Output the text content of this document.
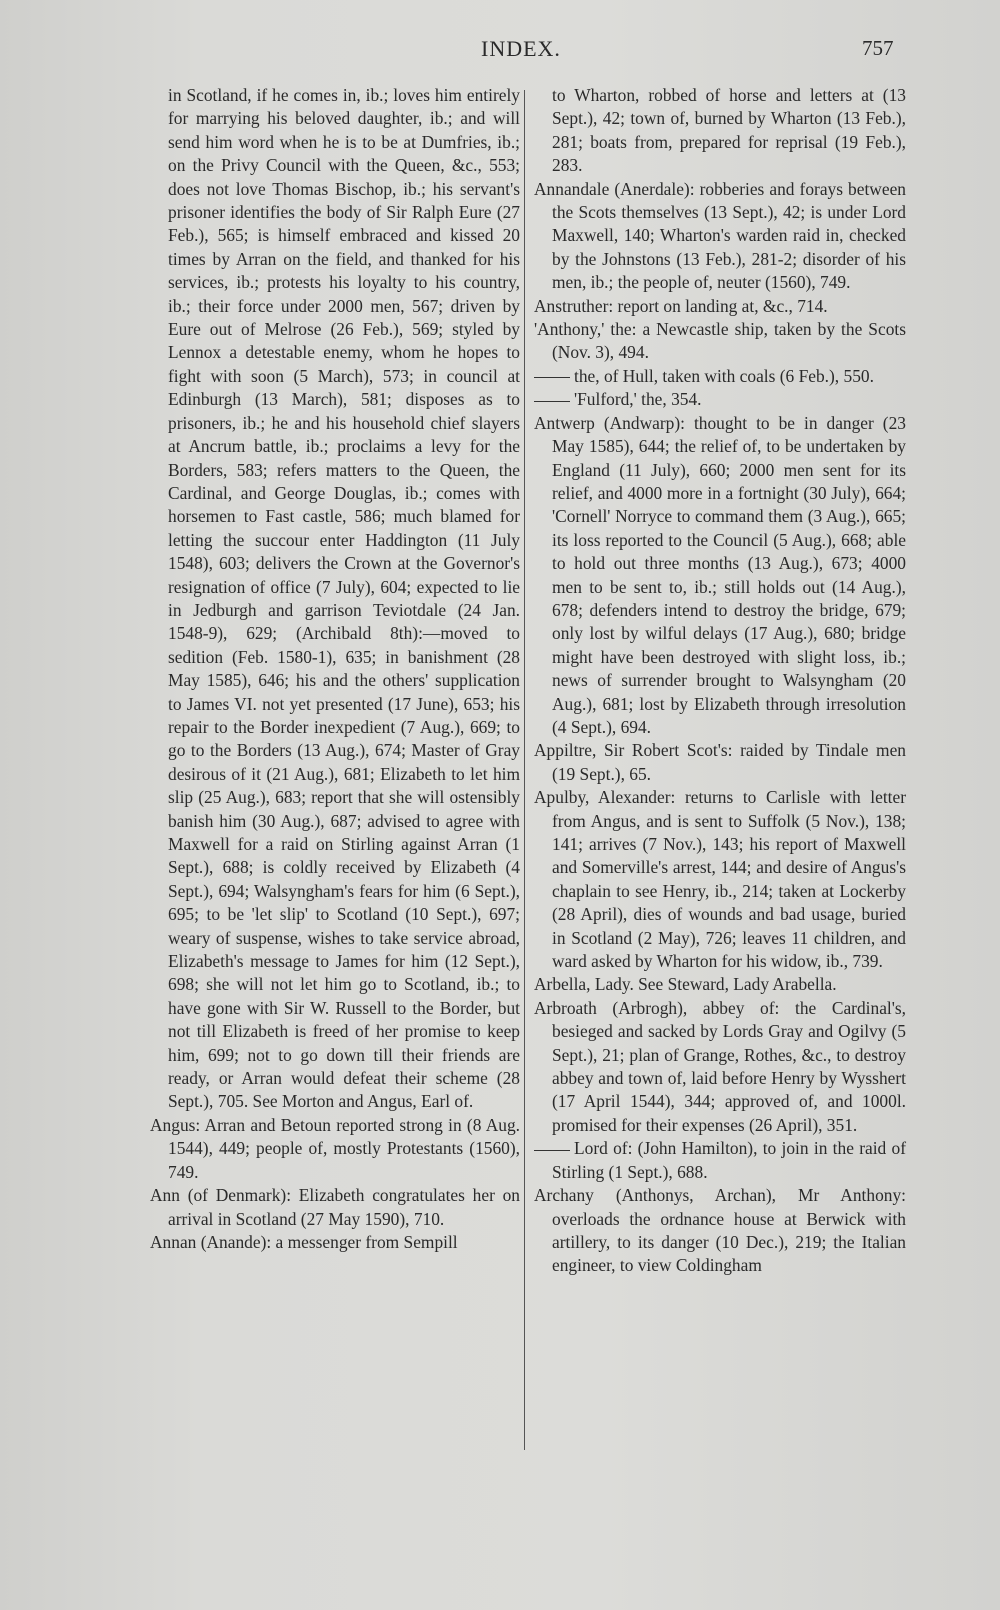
INDEX.	757

in Scotland, if he comes in, ib.; loves him entirely for marrying his beloved daughter, ib.; and will send him word when he is to be at Dumfries, ib.; on the Privy Council with the Queen, &c., 553; does not love Thomas Bischop, ib.; his servant's prisoner identifies the body of Sir Ralph Eure (27 Feb.), 565; is himself embraced and kissed 20 times by Arran on the field, and thanked for his services, ib.; protests his loyalty to his country, ib.; their force under 2000 men, 567; driven by Eure out of Melrose (26 Feb.), 569; styled by Lennox a detestable enemy, whom he hopes to fight with soon (5 March), 573; in council at Edinburgh (13 March), 581; disposes as to prisoners, ib.; he and his household chief slayers at Ancrum battle, ib.; proclaims a levy for the Borders, 583; refers matters to the Queen, the Cardinal, and George Douglas, ib.; comes with horsemen to Fast castle, 586; much blamed for letting the succour enter Haddington (11 July 1548), 603; delivers the Crown at the Governor's resignation of office (7 July), 604; expected to lie in Jedburgh and garrison Teviotdale (24 Jan. 1548-9), 629; (Archibald 8th):—moved to sedition (Feb. 1580-1), 635; in banishment (28 May 1585), 646; his and the others' supplication to James VI. not yet presented (17 June), 653; his repair to the Border inexpedient (7 Aug.), 669; to go to the Borders (13 Aug.), 674; Master of Gray desirous of it (21 Aug.), 681; Elizabeth to let him slip (25 Aug.), 683; report that she will ostensibly banish him (30 Aug.), 687; advised to agree with Maxwell for a raid on Stirling against Arran (1 Sept.), 688; is coldly received by Elizabeth (4 Sept.), 694; Walsyngham's fears for him (6 Sept.), 695; to be 'let slip' to Scotland (10 Sept.), 697; weary of suspense, wishes to take service abroad, Elizabeth's message to James for him (12 Sept.), 698; she will not let him go to Scotland, ib.; to have gone with Sir W. Russell to the Border, but not till Elizabeth is freed of her promise to keep him, 699; not to go down till their friends are ready, or Arran would defeat their scheme (28 Sept.), 705. See Morton and Angus, Earl of.

Angus: Arran and Betoun reported strong in (8 Aug. 1544), 449; people of, mostly Protestants (1560), 749.

Ann (of Denmark): Elizabeth congratulates her on arrival in Scotland (27 May 1590), 710.

Annan (Anande): a messenger from Sempill

to Wharton, robbed of horse and letters at (13 Sept.), 42; town of, burned by Wharton (13 Feb.), 281; boats from, prepared for reprisal (19 Feb.), 283.

Annandale (Anerdale): robberies and forays between the Scots themselves (13 Sept.), 42; is under Lord Maxwell, 140; Wharton's warden raid in, checked by the Johnstons (13 Feb.), 281-2; disorder of his men, ib.; the people of, neuter (1560), 749.

Anstruther: report on landing at, &c., 714.

'Anthony,' the: a Newcastle ship, taken by the Scots (Nov. 3), 494.

the, of Hull, taken with coals (6 Feb.), 550.

'Fulford,' the, 354.

Antwerp (Andwarp): thought to be in danger (23 May 1585), 644; the relief of, to be undertaken by England (11 July), 660; 2000 men sent for its relief, and 4000 more in a fortnight (30 July), 664; 'Cornell' Norryce to command them (3 Aug.), 665; its loss reported to the Council (5 Aug.), 668; able to hold out three months (13 Aug.), 673; 4000 men to be sent to, ib.; still holds out (14 Aug.), 678; defenders intend to destroy the bridge, 679; only lost by wilful delays (17 Aug.), 680; bridge might have been destroyed with slight loss, ib.; news of surrender brought to Walsyngham (20 Aug.), 681; lost by Elizabeth through irresolution (4 Sept.), 694.

Appiltre, Sir Robert Scot's: raided by Tindale men (19 Sept.), 65.

Apulby, Alexander: returns to Carlisle with letter from Angus, and is sent to Suffolk (5 Nov.), 138; 141; arrives (7 Nov.), 143; his report of Maxwell and Somerville's arrest, 144; and desire of Angus's chaplain to see Henry, ib., 214; taken at Lockerby (28 April), dies of wounds and bad usage, buried in Scotland (2 May), 726; leaves 11 children, and ward asked by Wharton for his widow, ib., 739.

Arbella, Lady. See Steward, Lady Arabella.

Arbroath (Arbrogh), abbey of: the Cardinal's, besieged and sacked by Lords Gray and Ogilvy (5 Sept.), 21; plan of Grange, Rothes, &c., to destroy abbey and town of, laid before Henry by Wysshert (17 April 1544), 344; approved of, and 1000l. promised for their expenses (26 April), 351.

Lord of: (John Hamilton), to join in the raid of Stirling (1 Sept.), 688.

Archany (Anthonys, Archan), Mr Anthony: overloads the ordnance house at Berwick with artillery, to its danger (10 Dec.), 219; the Italian engineer, to view Coldingham
